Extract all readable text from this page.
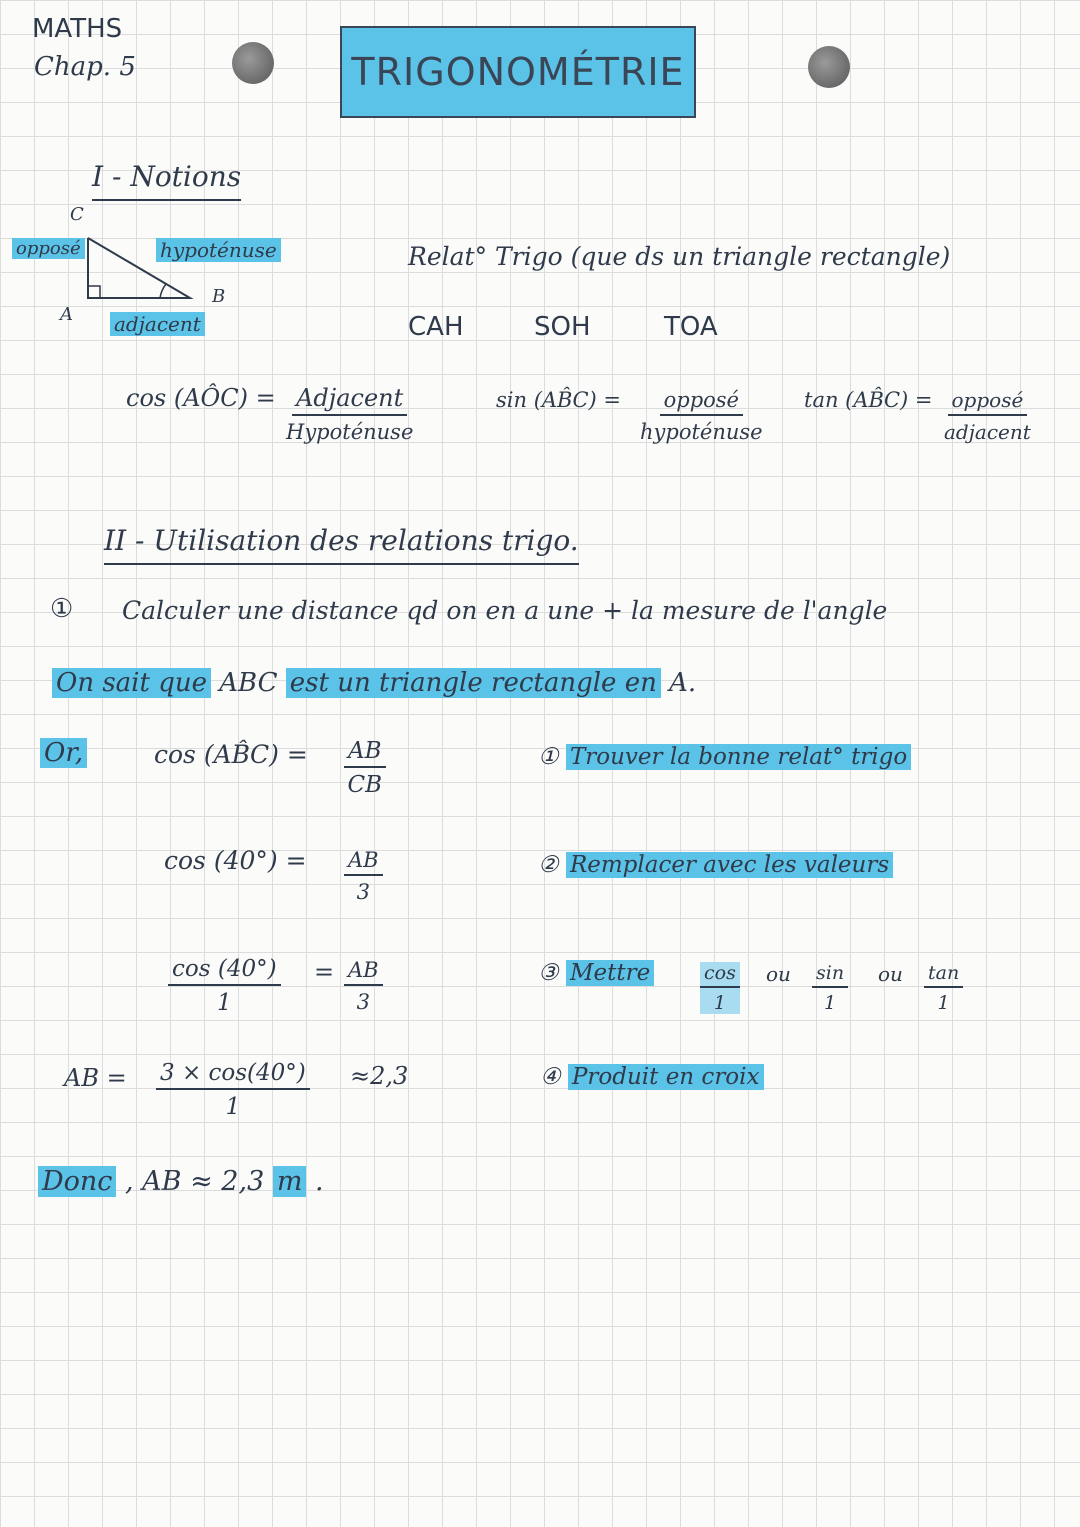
MATHS
Chap. 5	TRIGONOMÉTRIE
I - Notions
C
A
B
opposé	hypoténuse
adjacent
Relat° Trigo (que ds un triangle rectangle)
CAH	SOH	TOA
cos (AÔC) = Adjacent
Hypoténuse
sin (AB̂C) = opposé
hypoténuse
tan (AB̂C) = opposé
adjacent
II - Utilisation des relations trigo.
① Calculer une distance qd on en a une + la mesure de l'angle
On sait que ABC est un triangle rectangle en A.
Or,	cos (AB̂C) = $\frac{AB}{CB}$
$\cos (40^\circ) = \frac{AB}{3}$
$\frac{\cos (40^\circ)}{1} = \frac{AB}{3}$
AB = $\frac{3 \times \cos(40^\circ)}{1} \approx 2,3$
① Trouver la bonne relat° trigo
② Remplacer avec les valeurs
③ Mettre	$\frac{\cos}{1}$ ou $\frac{\sin}{1}$ ou $\frac{\tan}{1}$
④ Produit en croix
Donc , AB ≈ 2,3 m .
